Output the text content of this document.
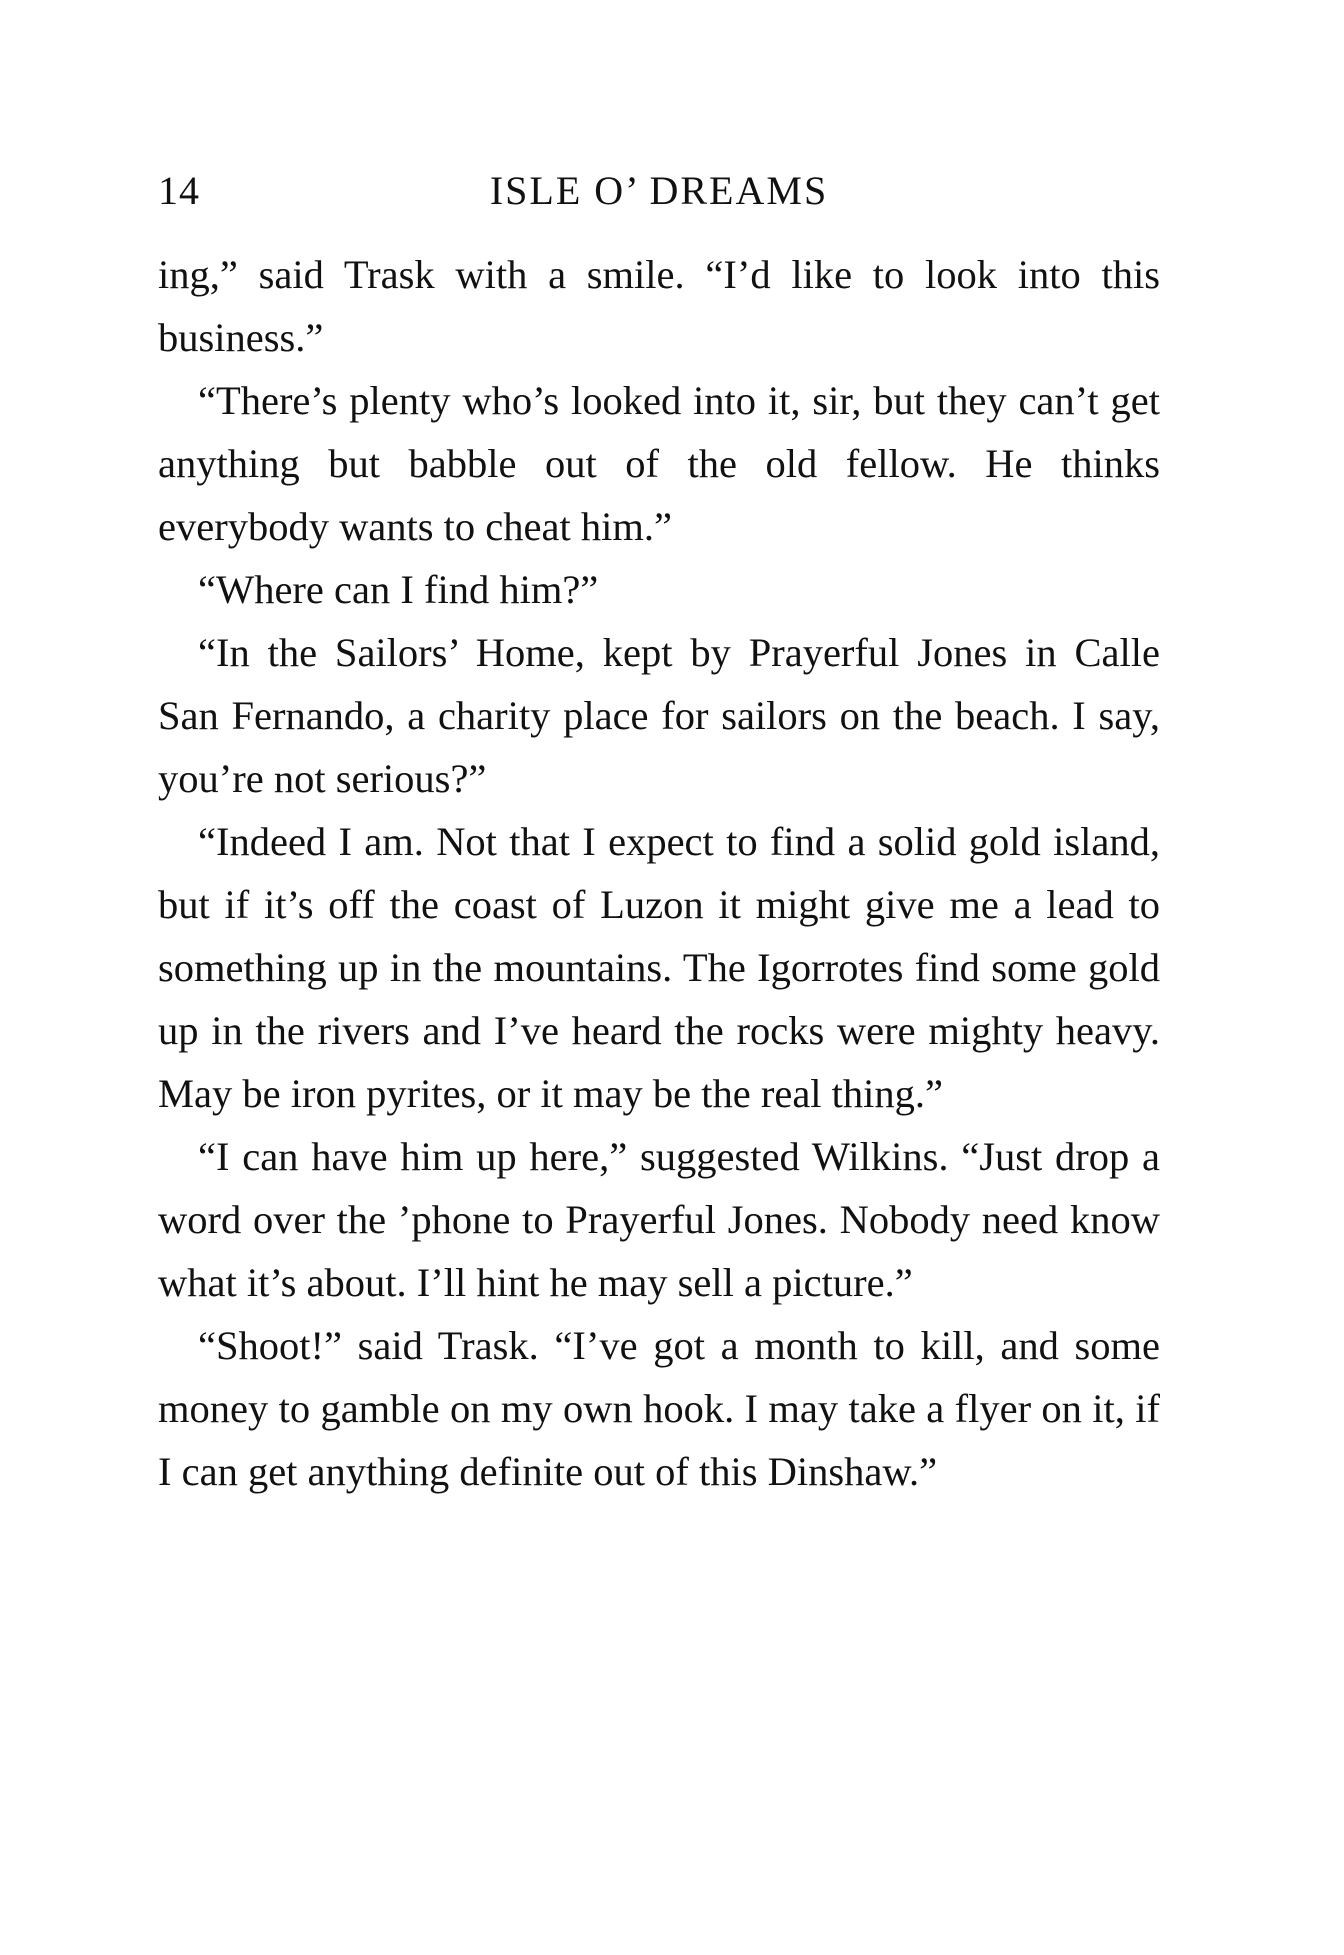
14	ISLE O’ DREAMS

ing,” said Trask with a smile. “I’d like to look into this business.”

“There’s plenty who’s looked into it, sir, but they can’t get anything but babble out of the old fellow. He thinks everybody wants to cheat him.”

“Where can I find him?”

“In the Sailors’ Home, kept by Prayerful Jones in Calle San Fernando, a charity place for sailors on the beach. I say, you’re not serious?”

“Indeed I am. Not that I expect to find a solid gold island, but if it’s off the coast of Luzon it might give me a lead to something up in the mountains. The Igorrotes find some gold up in the rivers and I’ve heard the rocks were mighty heavy. May be iron pyrites, or it may be the real thing.”

“I can have him up here,” suggested Wilkins. “Just drop a word over the ’phone to Prayerful Jones. Nobody need know what it’s about. I’ll hint he may sell a picture.”

“Shoot!” said Trask. “I’ve got a month to kill, and some money to gamble on my own hook. I may take a flyer on it, if I can get anything definite out of this Dinshaw.”
